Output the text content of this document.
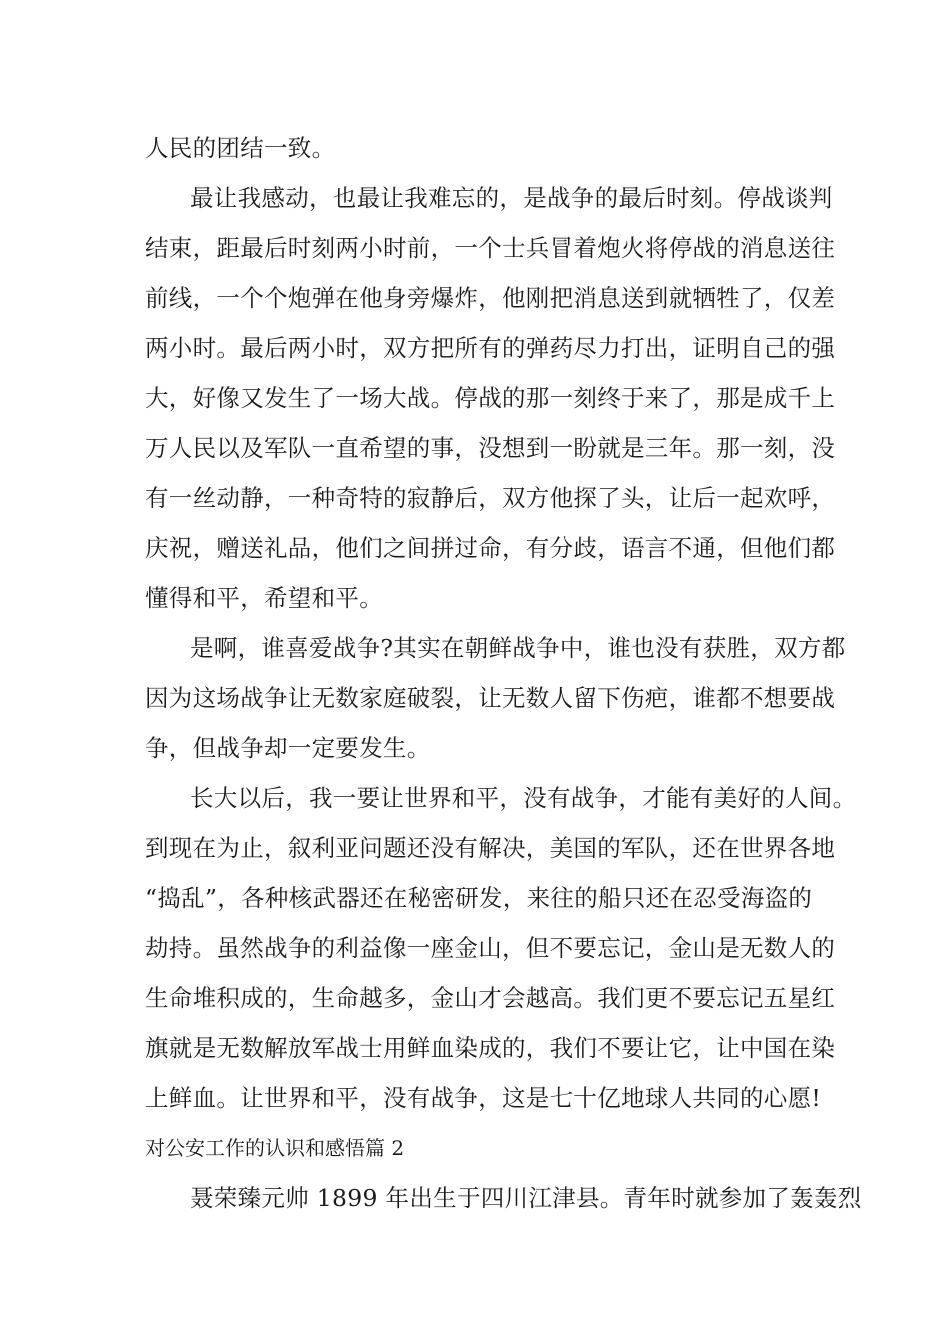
人民的团结一致。
最让我感动，也最让我难忘的，是战争的最后时刻。停战谈判
结束，距最后时刻两小时前，一个士兵冒着炮火将停战的消息送往
前线，一个个炮弹在他身旁爆炸，他刚把消息送到就牺牲了，仅差
两小时。最后两小时，双方把所有的弹药尽力打出，证明自己的强
大，好像又发生了一场大战。停战的那一刻终于来了，那是成千上
万人民以及军队一直希望的事，没想到一盼就是三年。那一刻，没
有一丝动静，一种奇特的寂静后，双方他探了头，让后一起欢呼，
庆祝，赠送礼品，他们之间拼过命，有分歧，语言不通，但他们都
懂得和平，希望和平。
是啊，谁喜爱战争?其实在朝鲜战争中，谁也没有获胜，双方都
因为这场战争让无数家庭破裂，让无数人留下伤疤，谁都不想要战
争，但战争却一定要发生。
长大以后，我一要让世界和平，没有战争，才能有美好的人间。
到现在为止，叙利亚问题还没有解决，美国的军队，还在世界各地
“捣乱”，各种核武器还在秘密研发，来往的船只还在忍受海盗的
劫持。虽然战争的利益像一座金山，但不要忘记，金山是无数人的
生命堆积成的，生命越多，金山才会越高。我们更不要忘记五星红
旗就是无数解放军战士用鲜血染成的，我们不要让它，让中国在染
上鲜血。让世界和平，没有战争，这是七十亿地球人共同的心愿!
对公安工作的认识和感悟篇 2
聂荣臻元帅 1899 年出生于四川江津县。青年时就参加了轰轰烈
